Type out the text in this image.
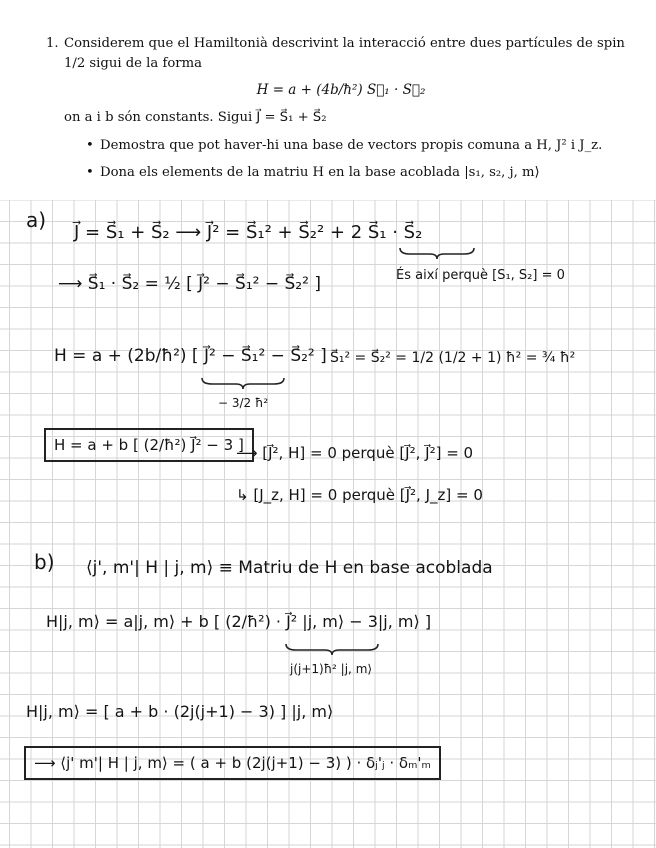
1. Considerem que el Hamiltonià descrivint la interacció entre dues partícules de spin 1/2 sigui de la forma
H = a + (4b/ħ²) S⃗₁ · S⃗₂
on a i b són constants. Sigui J⃗ = S⃗₁ + S⃗₂
• Demostra que pot haver-hi una base de vectors propis comuna a H, J² i J_z.
• Dona els elements de la matriu H en la base acoblada |s₁, s₂, j, m⟩
a)
J⃗ = S⃗₁ + S⃗₂ ⟶ J⃗² = S⃗₁² + S⃗₂² + 2 S⃗₁ · S⃗₂
⟶ S⃗₁ · S⃗₂ = ½ [ J⃗² − S⃗₁² − S⃗₂² ]	És així perquè [S₁, S₂] = 0
H = a + (2b/ħ²) [ J⃗² − S⃗₁² − S⃗₂² ]
− 3/2 ħ²
S⃗₁² = S⃗₂² = 1/2 (1/2 + 1) ħ² = ¾ ħ²
H = a + b [ (2/ħ²) J⃗² − 3 ]
⟶ [J⃗², H] = 0 perquè [J⃗², J⃗²] = 0
↳ [J_z, H] = 0 perquè [J⃗², J_z] = 0
b) ⟨j', m'| H | j, m⟩ ≡ Matriu de H en base acoblada
H|j, m⟩ = a|j, m⟩ + b [ (2/ħ²) · J⃗² |j, m⟩ − 3|j, m⟩ ]
j(j+1)ħ² |j, m⟩
H|j, m⟩ = [ a + b · (2j(j+1) − 3) ] |j, m⟩
⟶ ⟨j' m'| H | j, m⟩ = ( a + b (2j(j+1) − 3) ) · δⱼ'ⱼ · δₘ'ₘ
